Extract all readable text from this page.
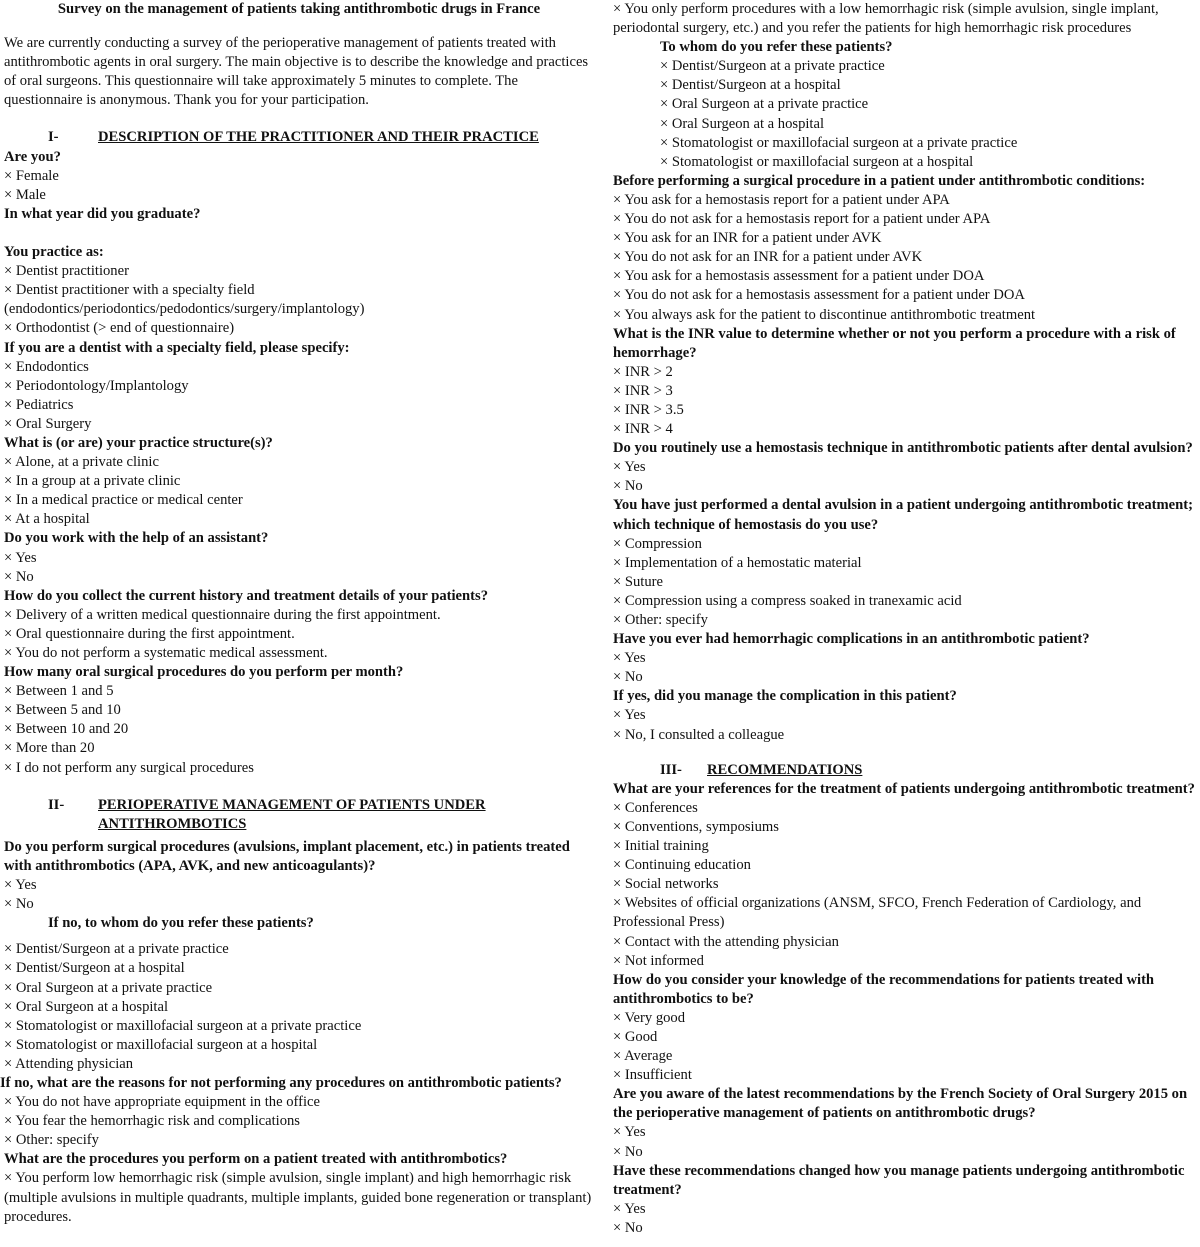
Survey on the management of patients taking antithrombotic drugs in France

We are currently conducting a survey of the perioperative management of patients treated with antithrombotic agents in oral surgery. The main objective is to describe the knowledge and practices of oral surgeons. This questionnaire will take approximately 5 minutes to complete. The questionnaire is anonymous. Thank you for your participation.

I-	DESCRIPTION OF THE PRACTITIONER AND THEIR PRACTICE

Are you?

× Female

× Male

In what year did you graduate?

You practice as:

× Dentist practitioner

× Dentist practitioner with a specialty field (endodontics/periodontics/pedodontics/surgery/implantology)

× Orthodontist (> end of questionnaire)

If you are a dentist with a specialty field, please specify:

× Endodontics

× Periodontology/Implantology

× Pediatrics

× Oral Surgery

What is (or are) your practice structure(s)?

× Alone, at a private clinic

× In a group at a private clinic

× In a medical practice or medical center

× At a hospital

Do you work with the help of an assistant?

× Yes

× No

How do you collect the current history and treatment details of your patients?

× Delivery of a written medical questionnaire during the first appointment.

× Oral questionnaire during the first appointment.

× You do not perform a systematic medical assessment.

How many oral surgical procedures do you perform per month?

× Between 1 and 5

× Between 5 and 10

× Between 10 and 20

× More than 20

× I do not perform any surgical procedures

II-	PERIOPERATIVE MANAGEMENT OF PATIENTS UNDER ANTITHROMBOTICS

Do you perform surgical procedures (avulsions, implant placement, etc.) in patients treated with antithrombotics (APA, AVK, and new anticoagulants)?

× Yes

× No

If no, to whom do you refer these patients?

× Dentist/Surgeon at a private practice

× Dentist/Surgeon at a hospital

× Oral Surgeon at a private practice

× Oral Surgeon at a hospital

× Stomatologist or maxillofacial surgeon at a private practice

× Stomatologist or maxillofacial surgeon at a hospital

× Attending physician

If no, what are the reasons for not performing any procedures on antithrombotic patients?

× You do not have appropriate equipment in the office

× You fear the hemorrhagic risk and complications

× Other: specify

What are the procedures you perform on a patient treated with antithrombotics?

× You perform low hemorrhagic risk (simple avulsion, single implant) and high hemorrhagic risk (multiple avulsions in multiple quadrants, multiple implants, guided bone regeneration or transplant) procedures.

× You only perform procedures with a low hemorrhagic risk (simple avulsion, single implant, periodontal surgery, etc.) and you refer the patients for high hemorrhagic risk procedures

To whom do you refer these patients?

× Dentist/Surgeon at a private practice

× Dentist/Surgeon at a hospital

× Oral Surgeon at a private practice

× Oral Surgeon at a hospital

× Stomatologist or maxillofacial surgeon at a private practice

× Stomatologist or maxillofacial surgeon at a hospital

Before performing a surgical procedure in a patient under antithrombotic conditions:

× You ask for a hemostasis report for a patient under APA

× You do not ask for a hemostasis report for a patient under APA

× You ask for an INR for a patient under AVK

× You do not ask for an INR for a patient under AVK

× You ask for a hemostasis assessment for a patient under DOA

× You do not ask for a hemostasis assessment for a patient under DOA

× You always ask for the patient to discontinue antithrombotic treatment

What is the INR value to determine whether or not you perform a procedure with a risk of hemorrhage?

× INR > 2

× INR > 3

× INR > 3.5

× INR > 4

Do you routinely use a hemostasis technique in antithrombotic patients after dental avulsion?

× Yes

× No

You have just performed a dental avulsion in a patient undergoing antithrombotic treatment; which technique of hemostasis do you use?

× Compression

× Implementation of a hemostatic material

× Suture

× Compression using a compress soaked in tranexamic acid

× Other: specify

Have you ever had hemorrhagic complications in an antithrombotic patient?

× Yes

× No

If yes, did you manage the complication in this patient?

× Yes

× No, I consulted a colleague

III-	RECOMMENDATIONS

What are your references for the treatment of patients undergoing antithrombotic treatment?

× Conferences

× Conventions, symposiums

× Initial training

× Continuing education

× Social networks

× Websites of official organizations (ANSM, SFCO, French Federation of Cardiology, and Professional Press)

× Contact with the attending physician

× Not informed

How do you consider your knowledge of the recommendations for patients treated with antithrombotics to be?

× Very good

× Good

× Average

× Insufficient

Are you aware of the latest recommendations by the French Society of Oral Surgery 2015 on the perioperative management of patients on antithrombotic drugs?

× Yes

× No

Have these recommendations changed how you manage patients undergoing antithrombotic treatment?

× Yes

× No
